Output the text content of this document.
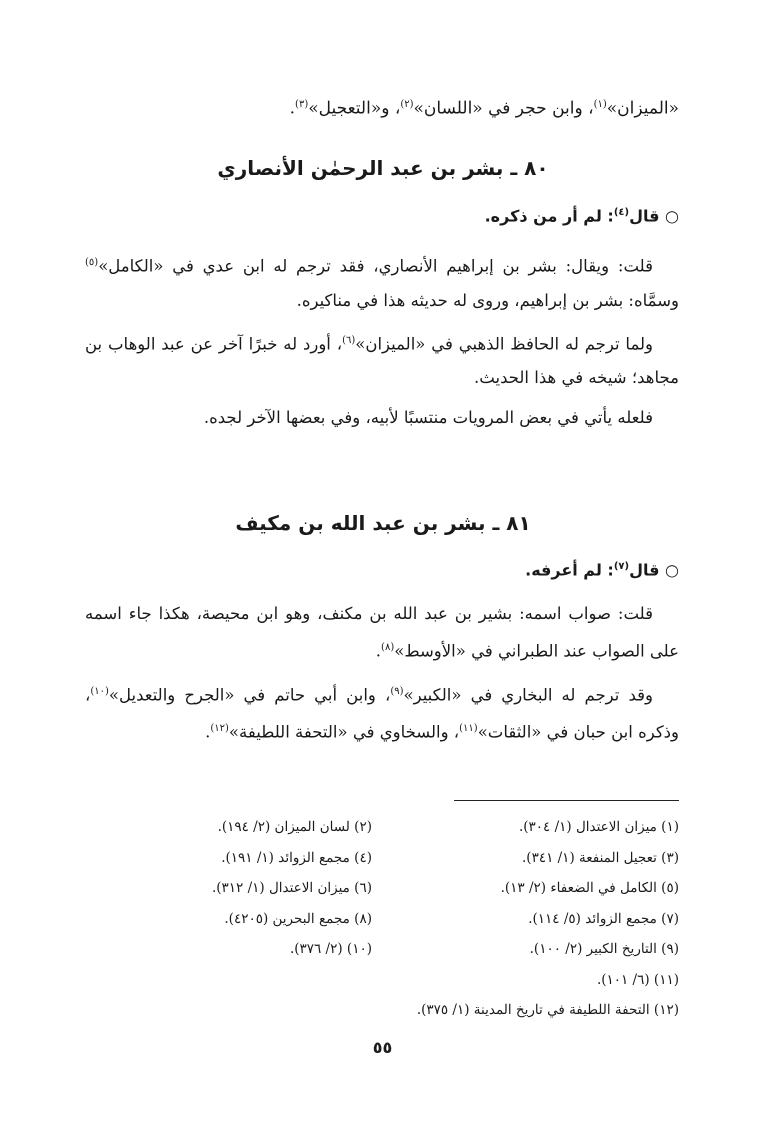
«الميزان»$^{(١)}$، وابن حجر في «اللسان»$^{(٢)}$، و«التعجيل»$^{(٣)}$.
٨٠ ـ بشر بن عبد الرحمٰن الأنصاري
○ قال$^{(٤)}$: لم أر من ذكره.

قلت: ويقال: بشر بن إبراهيم الأنصاري، فقد ترجم له ابن عدي في «الكامل»$^{(٥)}$ وسمَّاه: بشر بن إبراهيم، وروى له حديثه هذا في مناكيره.

ولما ترجم له الحافظ الذهبي في «الميزان»$^{(٦)}$، أورد له خبرًا آخر عن عبد الوهاب بن مجاهد؛ شيخه في هذا الحديث.

فلعله يأتي في بعض المرويات منتسبًا لأبيه، وفي بعضها الآخر لجده.

٨١ ـ بشر بن عبد الله بن مكيف
○ قال$^{(٧)}$: لم أعرفه.

قلت: صواب اسمه: بشير بن عبد الله بن مكنف، وهو ابن محيصة، هكذا جاء اسمه على الصواب عند الطبراني في «الأوسط»$^{(٨)}$.

وقد ترجم له البخاري في «الكبير»$^{(٩)}$، وابن أبي حاتم في «الجرح والتعديل»$^{(١٠)}$، وذكره ابن حبان في «الثقات»$^{(١١)}$، والسخاوي في «التحفة اللطيفة»$^{(١٢)}$.

(١) ميزان الاعتدال (١/ ٣٠٤).
(٢) لسان الميزان (٢/ ١٩٤).
(٣) تعجيل المنفعة (١/ ٣٤١).
(٤) مجمع الزوائد (١/ ١٩١).
(٥) الكامل في الضعفاء (٢/ ١٣).
(٦) ميزان الاعتدال (١/ ٣١٢).
(٧) مجمع الزوائد (٥/ ١١٤).
(٨) مجمع البحرين (٤٢٠٥).
(٩) التاريخ الكبير (٢/ ١٠٠).
(١٠) (٢/ ٣٧٦).
(١١) (٦/ ١٠١).
(١٢) التحفة اللطيفة في تاريخ المدينة (١/ ٣٧٥).
٥٥
